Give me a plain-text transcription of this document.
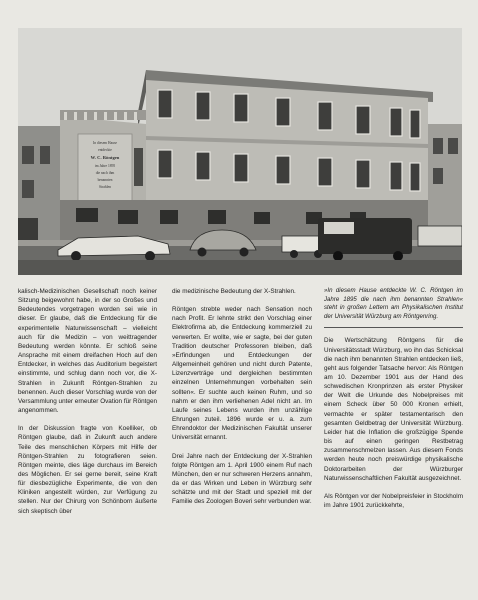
In diesem Hause
entdeckte
W. C. Röntgen
im Jahre 1895
die nach ihm
benannten
Strahlen

kalisch-Medizinischen Gesellschaft noch keiner Sitzung beigewohnt habe, in der so Großes und Bedeutendes vorgetragen worden sei wie in dieser. Er glaube, daß die Entdeckung für die experimentelle Naturwissenschaft – vielleicht auch für die Medizin – von weittragender Bedeutung werden könnte. Er schloß seine Ansprache mit einem dreifachen Hoch auf den Entdecker, in welches das Auditorium begeistert einstimmte, und schlug dann noch vor, die X-Strahlen in Zukunft Röntgen-Strahlen zu benennen. Auch dieser Vorschlag wurde von der Versammlung unter erneuter Ovation für Röntgen angenommen.

In der Diskussion fragte von Koelliker, ob Röntgen glaube, daß in Zukunft auch andere Teile des menschlichen Körpers mit Hilfe der Röntgen-Strahlen zu fotografieren seien. Röntgen meinte, dies läge durchaus im Bereich des Möglichen. Er sei gerne bereit, seine Kraft für diesbezügliche Experimente, die von den Kliniken angestellt würden, zur Verfügung zu stellen. Nur der Chirurg von Schönborn äußerte sich skeptisch über

die medizinische Bedeutung der X-Strahlen.

Röntgen strebte weder nach Sensation noch nach Profit. Er lehnte strikt den Vorschlag einer Elektrofirma ab, die Entdeckung kommerziell zu verwerten. Er wollte, wie er sagte, bei der guten Tradition deutscher Professoren bleiben, daß »Erfindungen und Entdeckungen der Allgemeinheit gehören und nicht durch Patente, Lizenzverträge und dergleichen bestimmten einzelnen Unternehmungen vorbehalten sein sollten«. Er suchte auch keinen Ruhm, und so nahm er den ihm verliehenen Adel nicht an. Im Laufe seines Lebens wurden ihm unzählige Ehrungen zuteil. 1896 wurde er u. a. zum Ehrendoktor der Medizinischen Fakultät unserer Universität ernannt.

Drei Jahre nach der Entdeckung der X-Strahlen folgte Röntgen am 1. April 1900 einem Ruf nach München, den er nur schweren Herzens annahm, da er das Wirken und Leben in Würzburg sehr schätzte und mit der Stadt und speziell mit der Familie des Zoologen Boveri sehr verbunden war.

»In diesem Hause entdeckte W. C. Röntgen im Jahre 1895 die nach ihm benannten Strahlen« steht in großen Lettern am Physikalischen Institut der Universität Würzburg am Röntgenring.

Die Wertschätzung Röntgens für die Universitätsstadt Würzburg, wo ihn das Schicksal die nach ihm benannten Strahlen entdecken ließ, geht aus folgender Tatsache hervor: Als Röntgen am 10. Dezember 1901 aus der Hand des schwedischen Kronprinzen als erster Physiker der Welt die Urkunde des Nobelpreises mit einem Scheck über 50 000 Kronen erhielt, vermachte er später testamentarisch den gesamten Geldbetrag der Universität Würzburg. Leider hat die Inflation die großzügige Spende bis auf einen geringen Restbetrag zusammenschmelzen lassen. Aus diesem Fonds werden heute noch preiswürdige physikalische Doktorarbeiten der Würzburger Naturwissenschaftlichen Fakultät ausgezeichnet.

Als Röntgen vor der Nobelpreisfeier in Stockholm im Jahre 1901 zurückkehrte,
